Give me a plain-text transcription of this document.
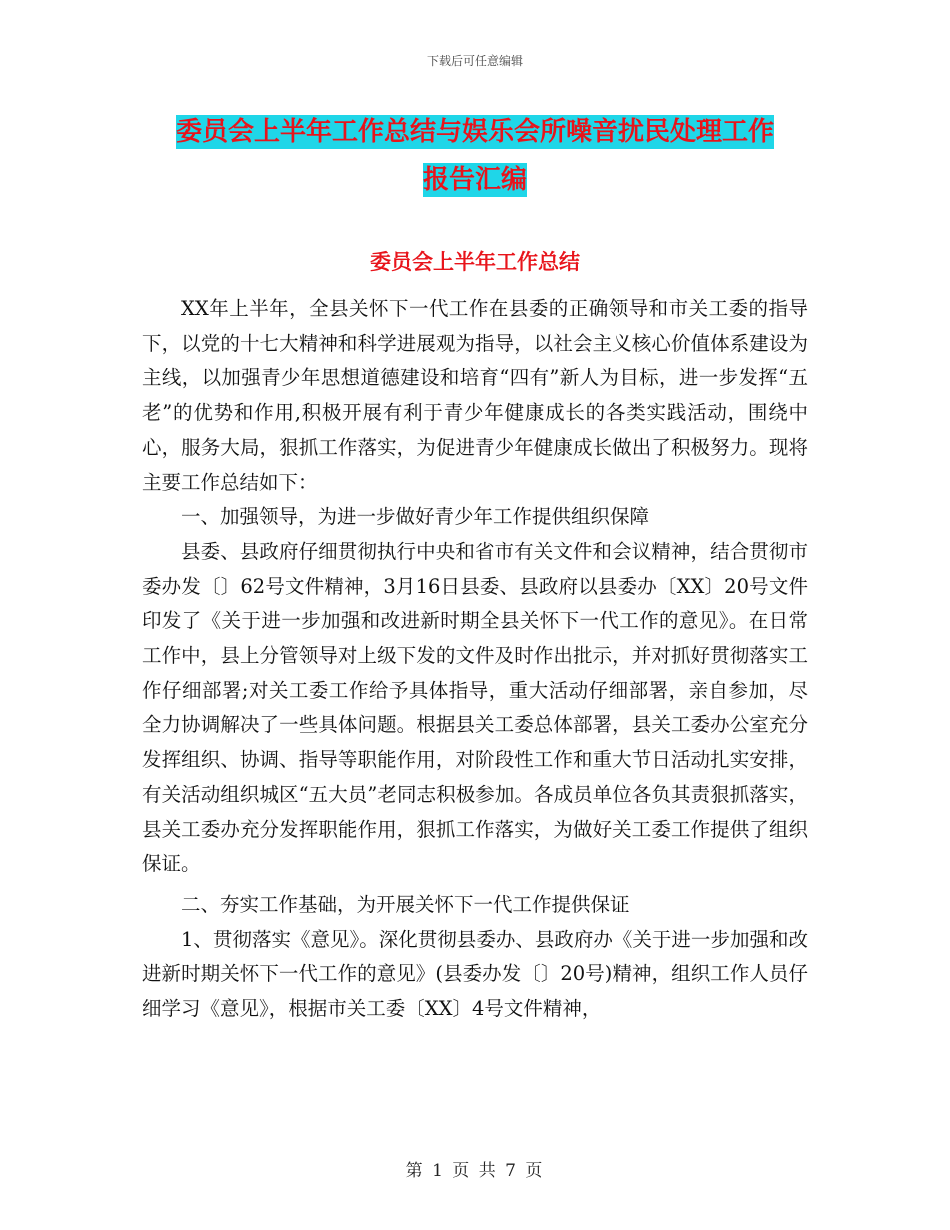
下载后可任意编辑
委员会上半年工作总结与娱乐会所噪音扰民处理工作
报告汇编
委员会上半年工作总结

XX年上半年，全县关怀下一代工作在县委的正确领导和市关工委的指导下，以党的十七大精神和科学进展观为指导，以社会主义核心价值体系建设为主线，以加强青少年思想道德建设和培育“四有”新人为目标，进一步发挥“五老”的优势和作用,积极开展有利于青少年健康成长的各类实践活动，围绕中心，服务大局，狠抓工作落实，为促进青少年健康成长做出了积极努力。现将主要工作总结如下：

一、加强领导，为进一步做好青少年工作提供组织保障

县委、县政府仔细贯彻执行中央和省市有关文件和会议精神，结合贯彻市委办发〔〕62号文件精神，3月16日县委、县政府以县委办〔XX〕20号文件印发了《关于进一步加强和改进新时期全县关怀下一代工作的意见》。在日常工作中，县上分管领导对上级下发的文件及时作出批示，并对抓好贯彻落实工作仔细部署;对关工委工作给予具体指导，重大活动仔细部署，亲自参加，尽全力协调解决了一些具体问题。根据县关工委总体部署，县关工委办公室充分发挥组织、协调、指导等职能作用，对阶段性工作和重大节日活动扎实安排，有关活动组织城区“五大员”老同志积极参加。各成员单位各负其责狠抓落实，县关工委办充分发挥职能作用，狠抓工作落实，为做好关工委工作提供了组织保证。

二、夯实工作基础，为开展关怀下一代工作提供保证

1、贯彻落实《意见》。深化贯彻县委办、县政府办《关于进一步加强和改进新时期关怀下一代工作的意见》(县委办发〔〕20号)精神，组织工作人员仔细学习《意见》，根据市关工委〔XX〕4号文件精神，

第 1 页 共 7 页
